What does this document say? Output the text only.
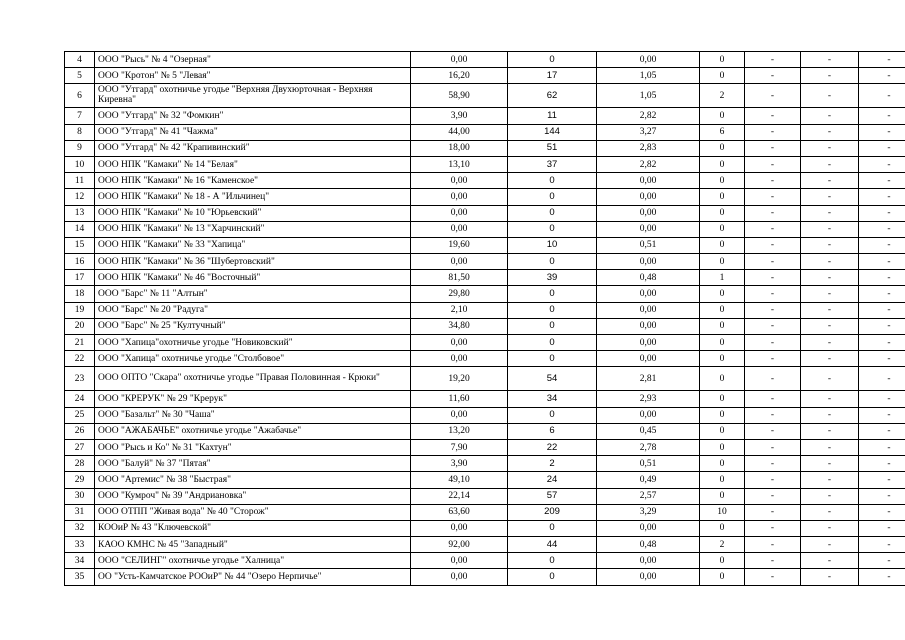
4	ООО "Рысь" № 4 "Озерная"	0,00	0	0,00	0	-	-	-
5	ООО "Кротон" № 5 "Левая"	16,20	17	1,05	0	-	-	-
6	ООО "Утгард" охотничье угодье "Верхняя Двухюрточная - Верхняя Киревна"	58,90	62	1,05	2	-	-	-
7	ООО "Утгард" № 32 "Фомкин"	3,90	11	2,82	0	-	-	-
8	ООО "Утгард" № 41 "Чажма"	44,00	144	3,27	6	-	-	-
9	ООО "Утгард" № 42 "Крапивинский"	18,00	51	2,83	0	-	-	-
10	ООО НПК "Камаки" № 14 "Белая"	13,10	37	2,82	0	-	-	-
11	ООО НПК "Камаки" № 16 "Каменское"	0,00	0	0,00	0	-	-	-
12	ООО НПК "Камаки" № 18 - А "Ильчинец"	0,00	0	0,00	0	-	-	-
13	ООО НПК "Камаки" № 10 "Юрьевский"	0,00	0	0,00	0	-	-	-
14	ООО НПК "Камаки" № 13 "Харчинский"	0,00	0	0,00	0	-	-	-
15	ООО НПК "Камаки" № 33 "Хапица"	19,60	10	0,51	0	-	-	-
16	ООО НПК "Камаки" № 36 "Шубертовский"	0,00	0	0,00	0	-	-	-
17	ООО НПК "Камаки" № 46 "Восточный"	81,50	39	0,48	1	-	-	-
18	ООО "Барс" № 11 "Алтын"	29,80	0	0,00	0	-	-	-
19	ООО "Барс" № 20 "Радуга"	2,10	0	0,00	0	-	-	-
20	ООО "Барс" № 25 "Култучный"	34,80	0	0,00	0	-	-	-
21	ООО "Хапица"охотничье угодье "Новиковский"	0,00	0	0,00	0	-	-	-
22	ООО "Хапица" охотничье угодье "Столбовое"	0,00	0	0,00	0	-	-	-
23	ООО ОПТО "Скара" охотничье угодье "Правая Половинная - Крюки"	19,20	54	2,81	0	-	-	-
24	ООО "КРЕРУК" № 29 "Крерук"	11,60	34	2,93	0	-	-	-
25	ООО "Базальт" № 30 "Чаша"	0,00	0	0,00	0	-	-	-
26	ООО "АЖАБАЧЬЕ" охотничье угодье "Ажабачье"	13,20	6	0,45	0	-	-	-
27	ООО "Рысь и Ко" № 31 "Кахтун"	7,90	22	2,78	0	-	-	-
28	ООО "Балуй" № 37 "Пятая"	3,90	2	0,51	0	-	-	-
29	ООО "Артемис" № 38 "Быстрая"	49,10	24	0,49	0	-	-	-
30	ООО "Кумроч" № 39 "Андриановка"	22,14	57	2,57	0	-	-	-
31	ООО ОТПП "Живая вода" № 40 "Сторож"	63,60	209	3,29	10	-	-	-
32	КООиР № 43 "Ключевской"	0,00	0	0,00	0	-	-	-
33	КАОО КМНС № 45 "Западный"	92,00	44	0,48	2	-	-	-
34	ООО "СЕЛИНГ" охотничье угодье "Халница"	0,00	0	0,00	0	-	-	-
35	ОО "Усть-Камчатское РООиР" № 44 "Озеро Нерпичье"	0,00	0	0,00	0	-	-	-
